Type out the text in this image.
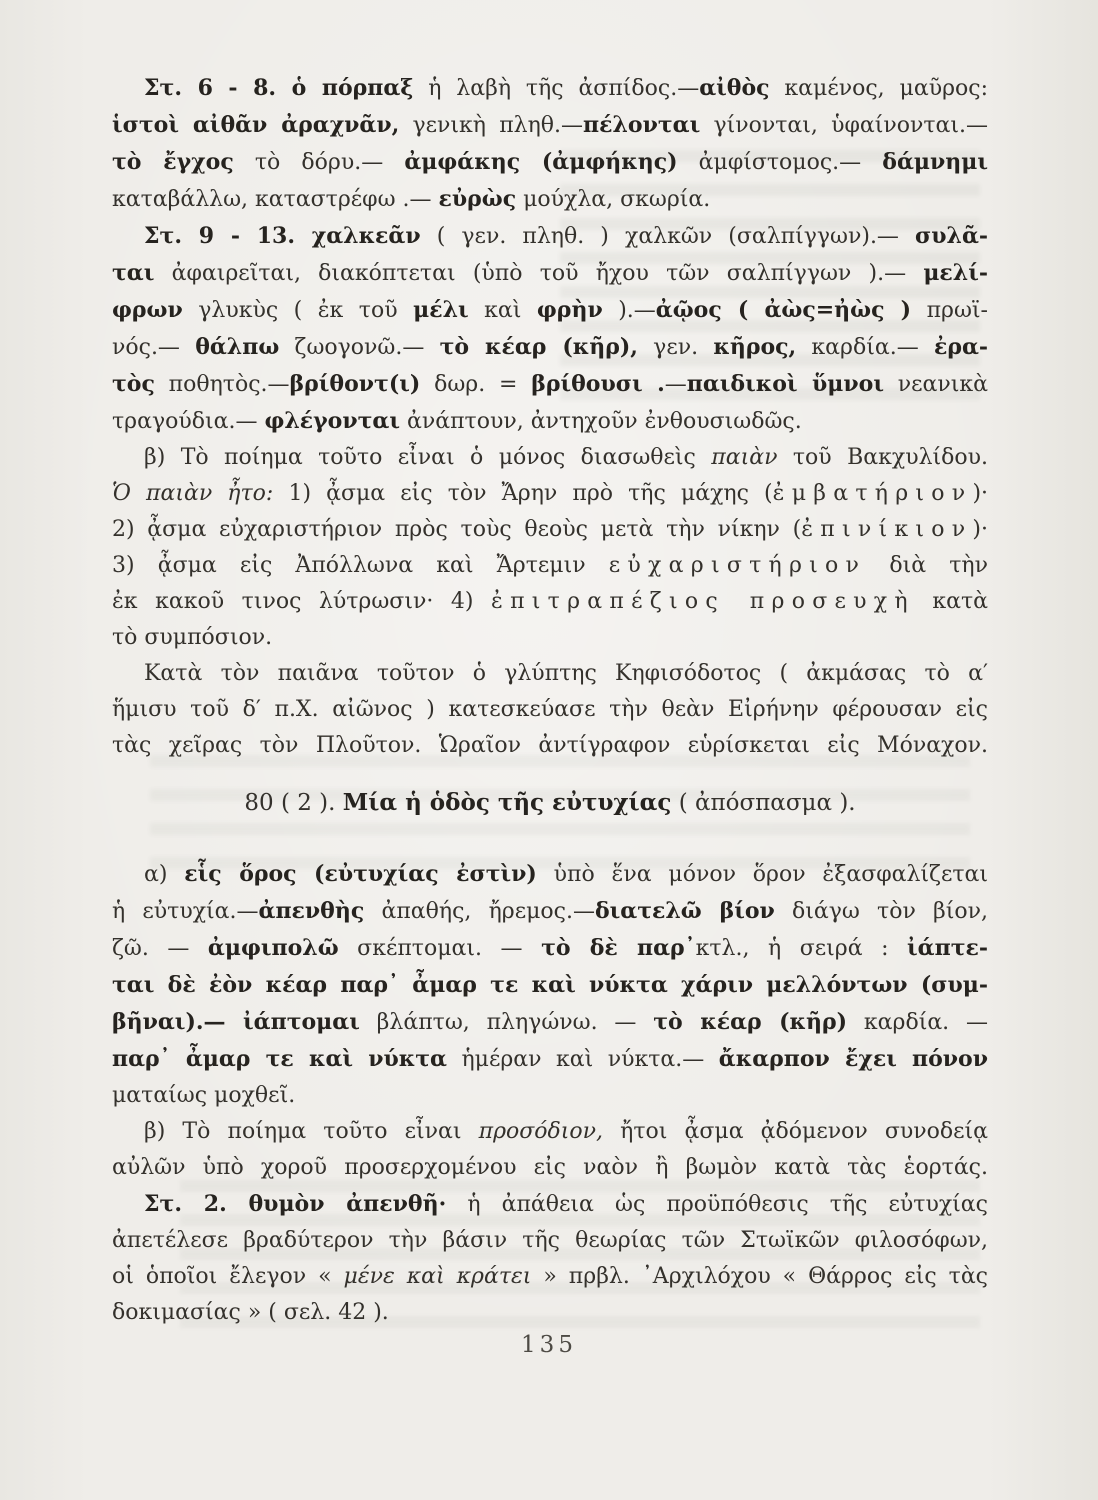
Στ. 6 - 8. ὁ πόρπαξ ἡ λαβὴ τῆς ἀσπίδος.—αἰθὸς καμένος, μαῦρος:
ἱστοὶ αἰθᾶν ἀραχνᾶν, γενικὴ πληθ.—πέλονται γίνονται, ὑφαίνονται.—
τὸ ἔγχος τὸ δόρυ.— ἀμφάκης (ἀμφήκης) ἀμφίστομος.— δάμνημι
καταβάλλω, καταστρέφω .— εὐρὼς μούχλα, σκωρία.
Στ. 9 - 13. χαλκεᾶν ( γεν. πληθ. ) χαλκῶν (σαλπίγγων).— συλᾶ-
ται ἀφαιρεῖται, διακόπτεται (ὑπὸ τοῦ ἤχου τῶν σαλπίγγων ).— μελί-
φρων γλυκὺς ( ἐκ τοῦ μέλι καὶ φρὴν ).—ἀῷος ( ἀὼς=ἠὼς ) πρωϊ-
νός.— θάλπω ζωογονῶ.— τὸ κέαρ (κῆρ), γεν. κῆρος, καρδία.— ἐρα-
τὸς ποθητὸς.—βρίθοντ(ι) δωρ. = βρίθουσι .—παιδικοὶ ὕμνοι νεανικὰ
τραγούδια.— φλέγονται ἀνάπτουν, ἀντηχοῦν ἐνθουσιωδῶς.
β) Τὸ ποίημα τοῦτο εἶναι ὁ μόνος διασωθεὶς παιὰν τοῦ Βακχυλίδου.
Ὁ παιὰν ἦτο: 1) ᾆσμα εἰς τὸν Ἄρην πρὸ τῆς μάχης (ἐμβατήριον)·
2) ᾆσμα εὐχαριστήριον πρὸς τοὺς θεοὺς μετὰ τὴν νίκην (ἐπινίκιον)·
3) ᾆσμα εἰς Ἀπόλλωνα καὶ Ἄρτεμιν εὐχαριστήριον διὰ τὴν
ἐκ κακοῦ τινος λύτρωσιν· 4) ἐπιτραπέζιος προσευχὴ κατὰ
τὸ συμπόσιον.
Κατὰ τὸν παιᾶνα τοῦτον ὁ γλύπτης Κηφισόδοτος ( ἀκμάσας τὸ α′
ἥμισυ τοῦ δ′ π.Χ. αἰῶνος ) κατεσκεύασε τὴν θεὰν Εἰρήνην φέρουσαν εἰς
τὰς χεῖρας τὸν Πλοῦτον. Ὡραῖον ἀντίγραφον εὑρίσκεται εἰς Μόναχον.
80 ( 2 ). Μία ἡ ὁδὸς τῆς εὐτυχίας ( ἀπόσπασμα ).
α) εἷς ὅρος (εὐτυχίας ἐστὶν) ὑπὸ ἕνα μόνον ὅρον ἐξασφαλίζεται
ἡ εὐτυχία.—ἀπενθὴς ἀπαθής, ἤρεμος.—διατελῶ βίον διάγω τὸν βίον,
ζῶ. — ἀμφιπολῶ σκέπτομαι. — τὸ δὲ παρ᾽κτλ., ἡ σειρά : ἰάπτε-
ται δὲ ἐὸν κέαρ παρ᾽ ἆμαρ τε καὶ νύκτα χάριν μελλόντων (συμ-
βῆναι).— ἰάπτομαι βλάπτω, πληγώνω. — τὸ κέαρ (κῆρ) καρδία. —
παρ᾽ ἆμαρ τε καὶ νύκτα ἡμέραν καὶ νύκτα.— ἄκαρπον ἔχει πόνον
ματαίως μοχθεῖ.
β) Τὸ ποίημα τοῦτο εἶναι προσόδιον, ἤτοι ᾆσμα ᾀδόμενον συνοδείᾳ
αὐλῶν ὑπὸ χοροῦ προσερχομένου εἰς ναὸν ἢ βωμὸν κατὰ τὰς ἑορτάς.
Στ. 2. θυμὸν ἀπενθῆ· ἡ ἀπάθεια ὡς προϋπόθεσις τῆς εὐτυχίας
ἀπετέλεσε βραδύτερον τὴν βάσιν τῆς θεωρίας τῶν Στωϊκῶν φιλοσόφων,
οἱ ὁποῖοι ἔλεγον « μένε καὶ κράτει » πρβλ. ᾽Αρχιλόχου « Θάρρος εἰς τὰς
δοκιμασίας » ( σελ. 42 ).
135
